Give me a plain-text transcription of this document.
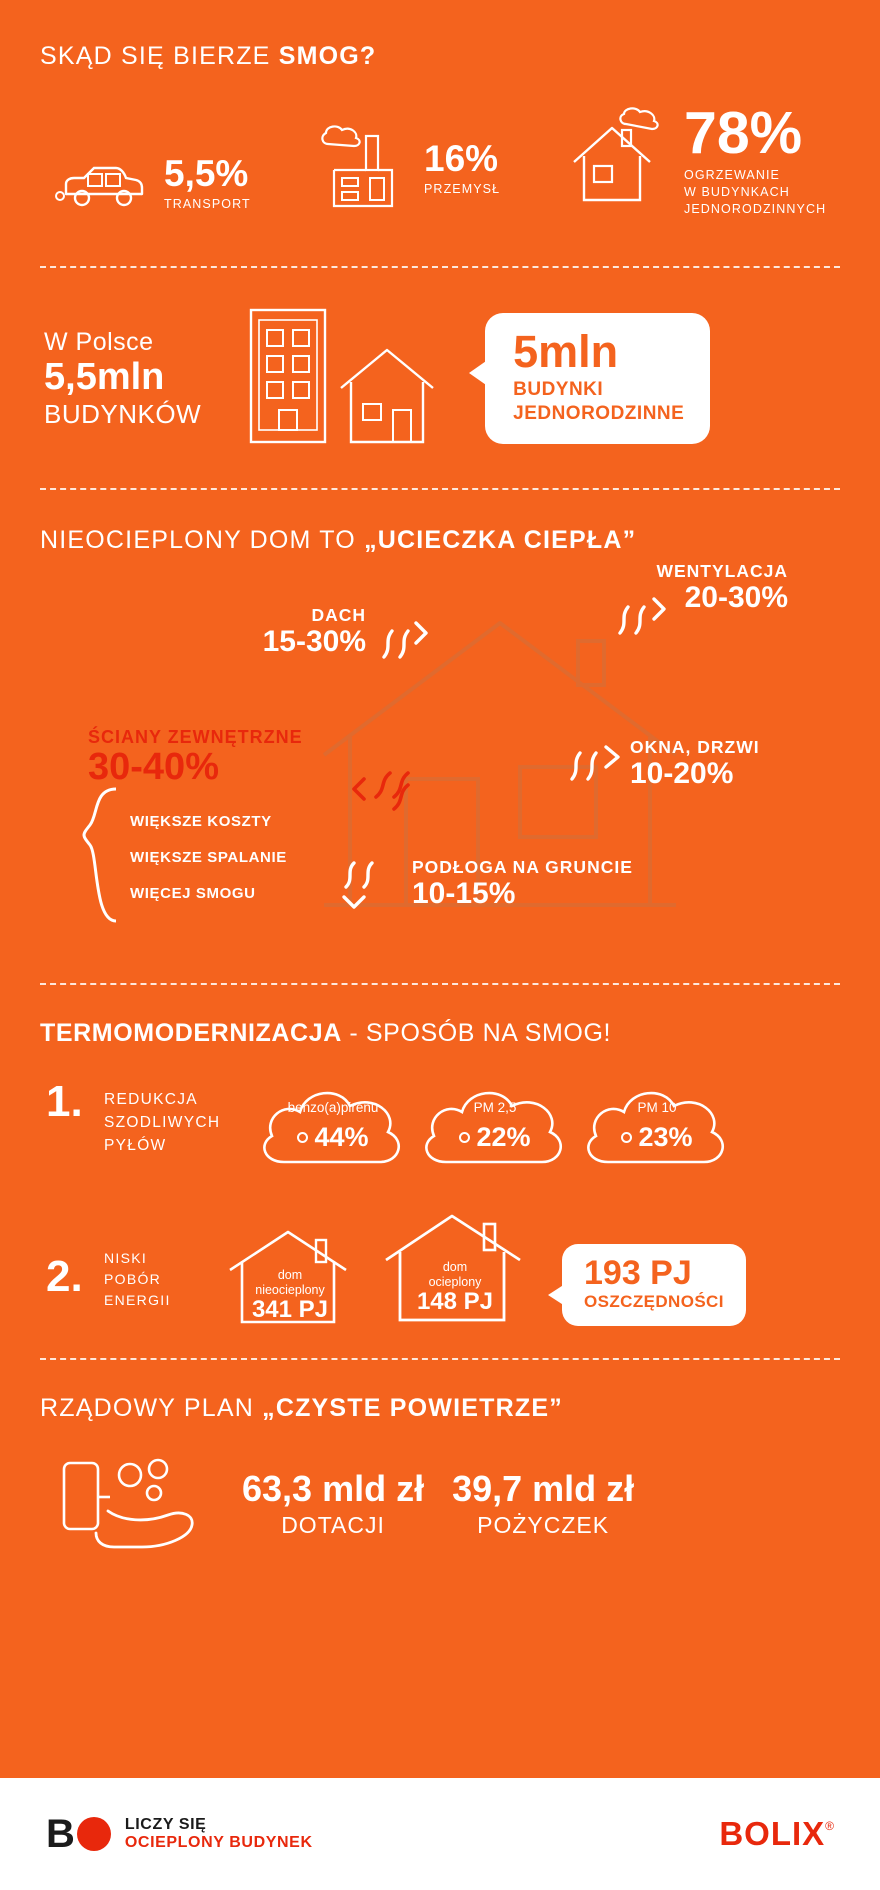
SKĄD SIĘ BIERZE SMOG?
5,5%
TRANSPORT
16%
PRZEMYSŁ
78%
OGRZEWANIE
W BUDYNKACH
JEDNORODZINNYCH
W Polsce
5,5mln
BUDYNKÓW
5mln
BUDYNKI
JEDNORODZINNE
NIEOCIEPLONY DOM TO „UCIECZKA CIEPŁA”
WENTYLACJA
20-30%
DACH
15-30%
ŚCIANY ZEWNĘTRZNE
30-40%
WIĘKSZE KOSZTY
WIĘKSZE SPALANIE
WIĘCEJ SMOGU
OKNA, DRZWI
10-20%
PODŁOGA NA GRUNCIE
10-15%
TERMOMODERNIZACJA - SPOSÓB NA SMOG!
1.	REDUKCJA
SZODLIWYCH
PYŁÓW
benzo(a)pirenu
44%
PM 2,5
22%
PM 10
23%
2.	NISKI
POBÓR
ENERGII
dom
nieocieplony
341 PJ
dom
ocieplony
148 PJ
193 PJ
OSZCZĘDNOŚCI
RZĄDOWY PLAN „CZYSTE POWIETRZE”
63,3 mld zł
DOTACJI
39,7 mld zł
POŻYCZEK
B	LICZY SIĘ
OCIEPLONY BUDYNEK	BOLIX ®
